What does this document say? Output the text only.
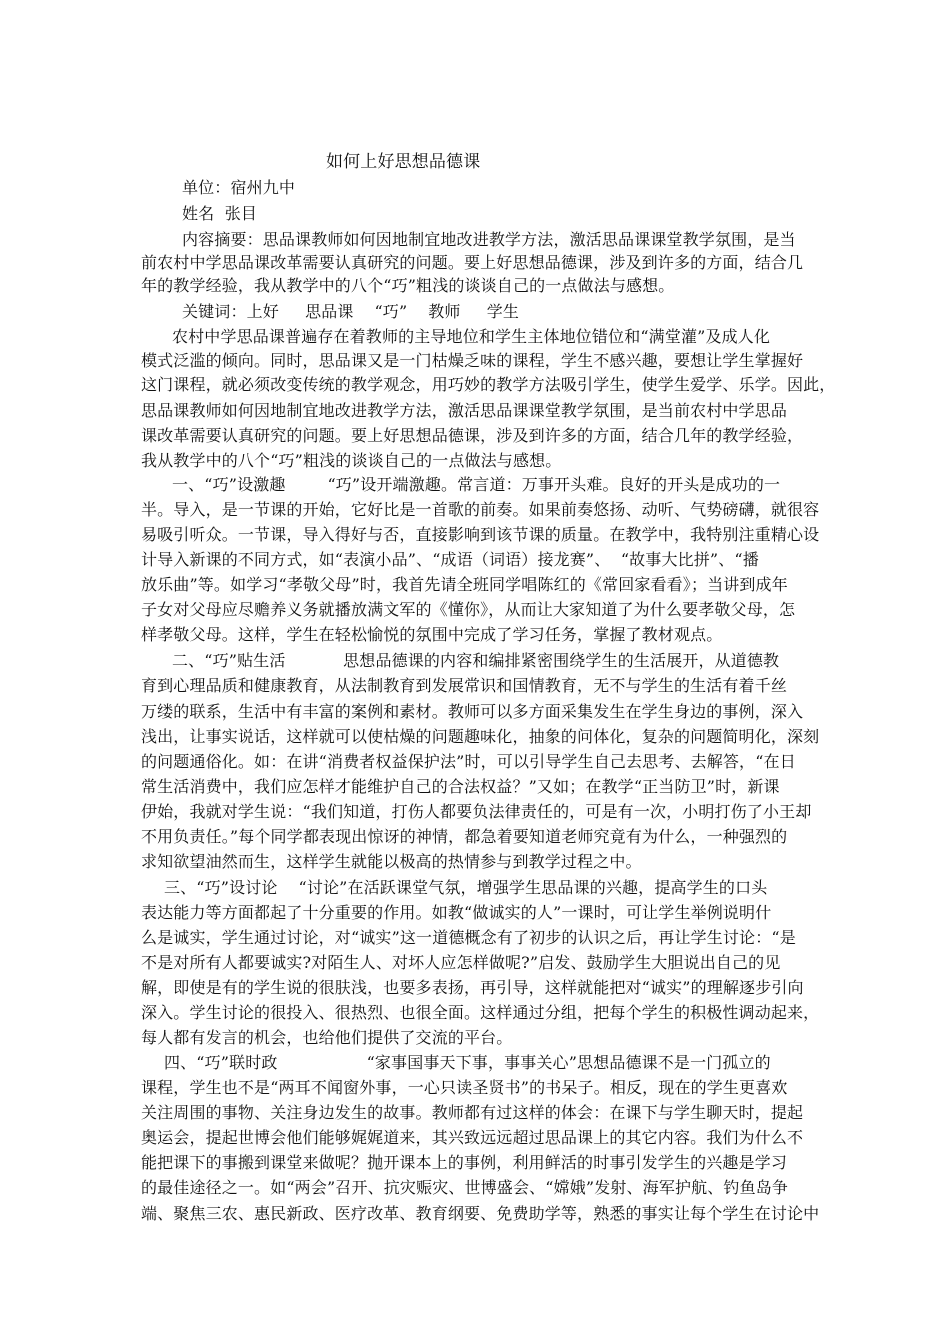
如何上好思想品德课

单位：宿州九中

姓名  张目

内容摘要：思品课教师如何因地制宜地改进教学方法，激活思品课课堂教学氛围，是当

前农村中学思品课改革需要认真研究的问题。要上好思想品德课，涉及到许多的方面，结合几

年的教学经验，我从教学中的八个“巧”粗浅的谈谈自己的一点做法与感想。

关键词：上好     思品课    “巧”    教师     学生

农村中学思品课普遍存在着教师的主导地位和学生主体地位错位和“满堂灌”及成人化

模式泛滥的倾向。同时，思品课又是一门枯燥乏味的课程，学生不感兴趣，要想让学生掌握好

这门课程，就必须改变传统的教学观念，用巧妙的教学方法吸引学生，使学生爱学、乐学。因此，

思品课教师如何因地制宜地改进教学方法，激活思品课课堂教学氛围，是当前农村中学思品

课改革需要认真研究的问题。要上好思想品德课，涉及到许多的方面，结合几年的教学经验，

我从教学中的八个“巧”粗浅的谈谈自己的一点做法与感想。

一、“巧”设激趣        “巧”设开端激趣。常言道：万事开头难。良好的开头是成功的一

半。导入，是一节课的开始，它好比是一首歌的前奏。如果前奏悠扬、动听、气势磅礴，就很容

易吸引听众。一节课，导入得好与否，直接影响到该节课的质量。在教学中，我特别注重精心设

计导入新课的不同方式，如“表演小品”、“成语（词语）接龙赛”、  “故事大比拼”、“播

放乐曲”等。如学习“孝敬父母”时，我首先请全班同学唱陈红的《常回家看看》；当讲到成年

子女对父母应尽赡养义务就播放满文军的《懂你》，从而让大家知道了为什么要孝敬父母，怎

样孝敬父母。这样，学生在轻松愉悦的氛围中完成了学习任务，掌握了教材观点。

二、“巧”贴生活           思想品德课的内容和编排紧密围绕学生的生活展开，从道德教

育到心理品质和健康教育，从法制教育到发展常识和国情教育，无不与学生的生活有着千丝

万缕的联系，生活中有丰富的案例和素材。教师可以多方面采集发生在学生身边的事例，深入

浅出，让事实说话，这样就可以使枯燥的问题趣味化，抽象的问体化，复杂的问题简明化，深刻

的问题通俗化。如：在讲“消费者权益保护法”时，可以引导学生自己去思考、去解答，“在日

常生活消费中，我们应怎样才能维护自己的合法权益？”又如；在教学“正当防卫”时，新课

伊始，我就对学生说：“我们知道，打伤人都要负法律责任的，可是有一次，小明打伤了小王却

不用负责任。”每个同学都表现出惊讶的神情，都急着要知道老师究竟有为什么，一种强烈的

求知欲望油然而生，这样学生就能以极高的热情参与到教学过程之中。

三、“巧”设讨论    “讨论”在活跃课堂气氛，增强学生思品课的兴趣，提高学生的口头

表达能力等方面都起了十分重要的作用。如教“做诚实的人”一课时，可让学生举例说明什

么是诚实，学生通过讨论，对“诚实”这一道德概念有了初步的认识之后，再让学生讨论：“是

不是对所有人都要诚实?对陌生人、对坏人应怎样做呢?”启发、鼓励学生大胆说出自己的见

解，即使是有的学生说的很肤浅，也要多表扬，再引导，这样就能把对“诚实”的理解逐步引向

深入。学生讨论的很投入、很热烈、也很全面。这样通过分组，把每个学生的积极性调动起来，

每人都有发言的机会，也给他们提供了交流的平台。

四、“巧”联时政                 “家事国事天下事，事事关心”思想品德课不是一门孤立的

课程，学生也不是“两耳不闻窗外事，一心只读圣贤书”的书呆子。相反，现在的学生更喜欢

关注周围的事物、关注身边发生的故事。教师都有过这样的体会：在课下与学生聊天时，提起

奥运会，提起世博会他们能够娓娓道来，其兴致远远超过思品课上的其它内容。我们为什么不

能把课下的事搬到课堂来做呢？抛开课本上的事例，利用鲜活的时事引发学生的兴趣是学习

的最佳途径之一。如“两会”召开、抗灾赈灾、世博盛会、“嫦娥”发射、海军护航、钓鱼岛争

端、聚焦三农、惠民新政、医疗改革、教育纲要、免费助学等，熟悉的事实让每个学生在讨论中
